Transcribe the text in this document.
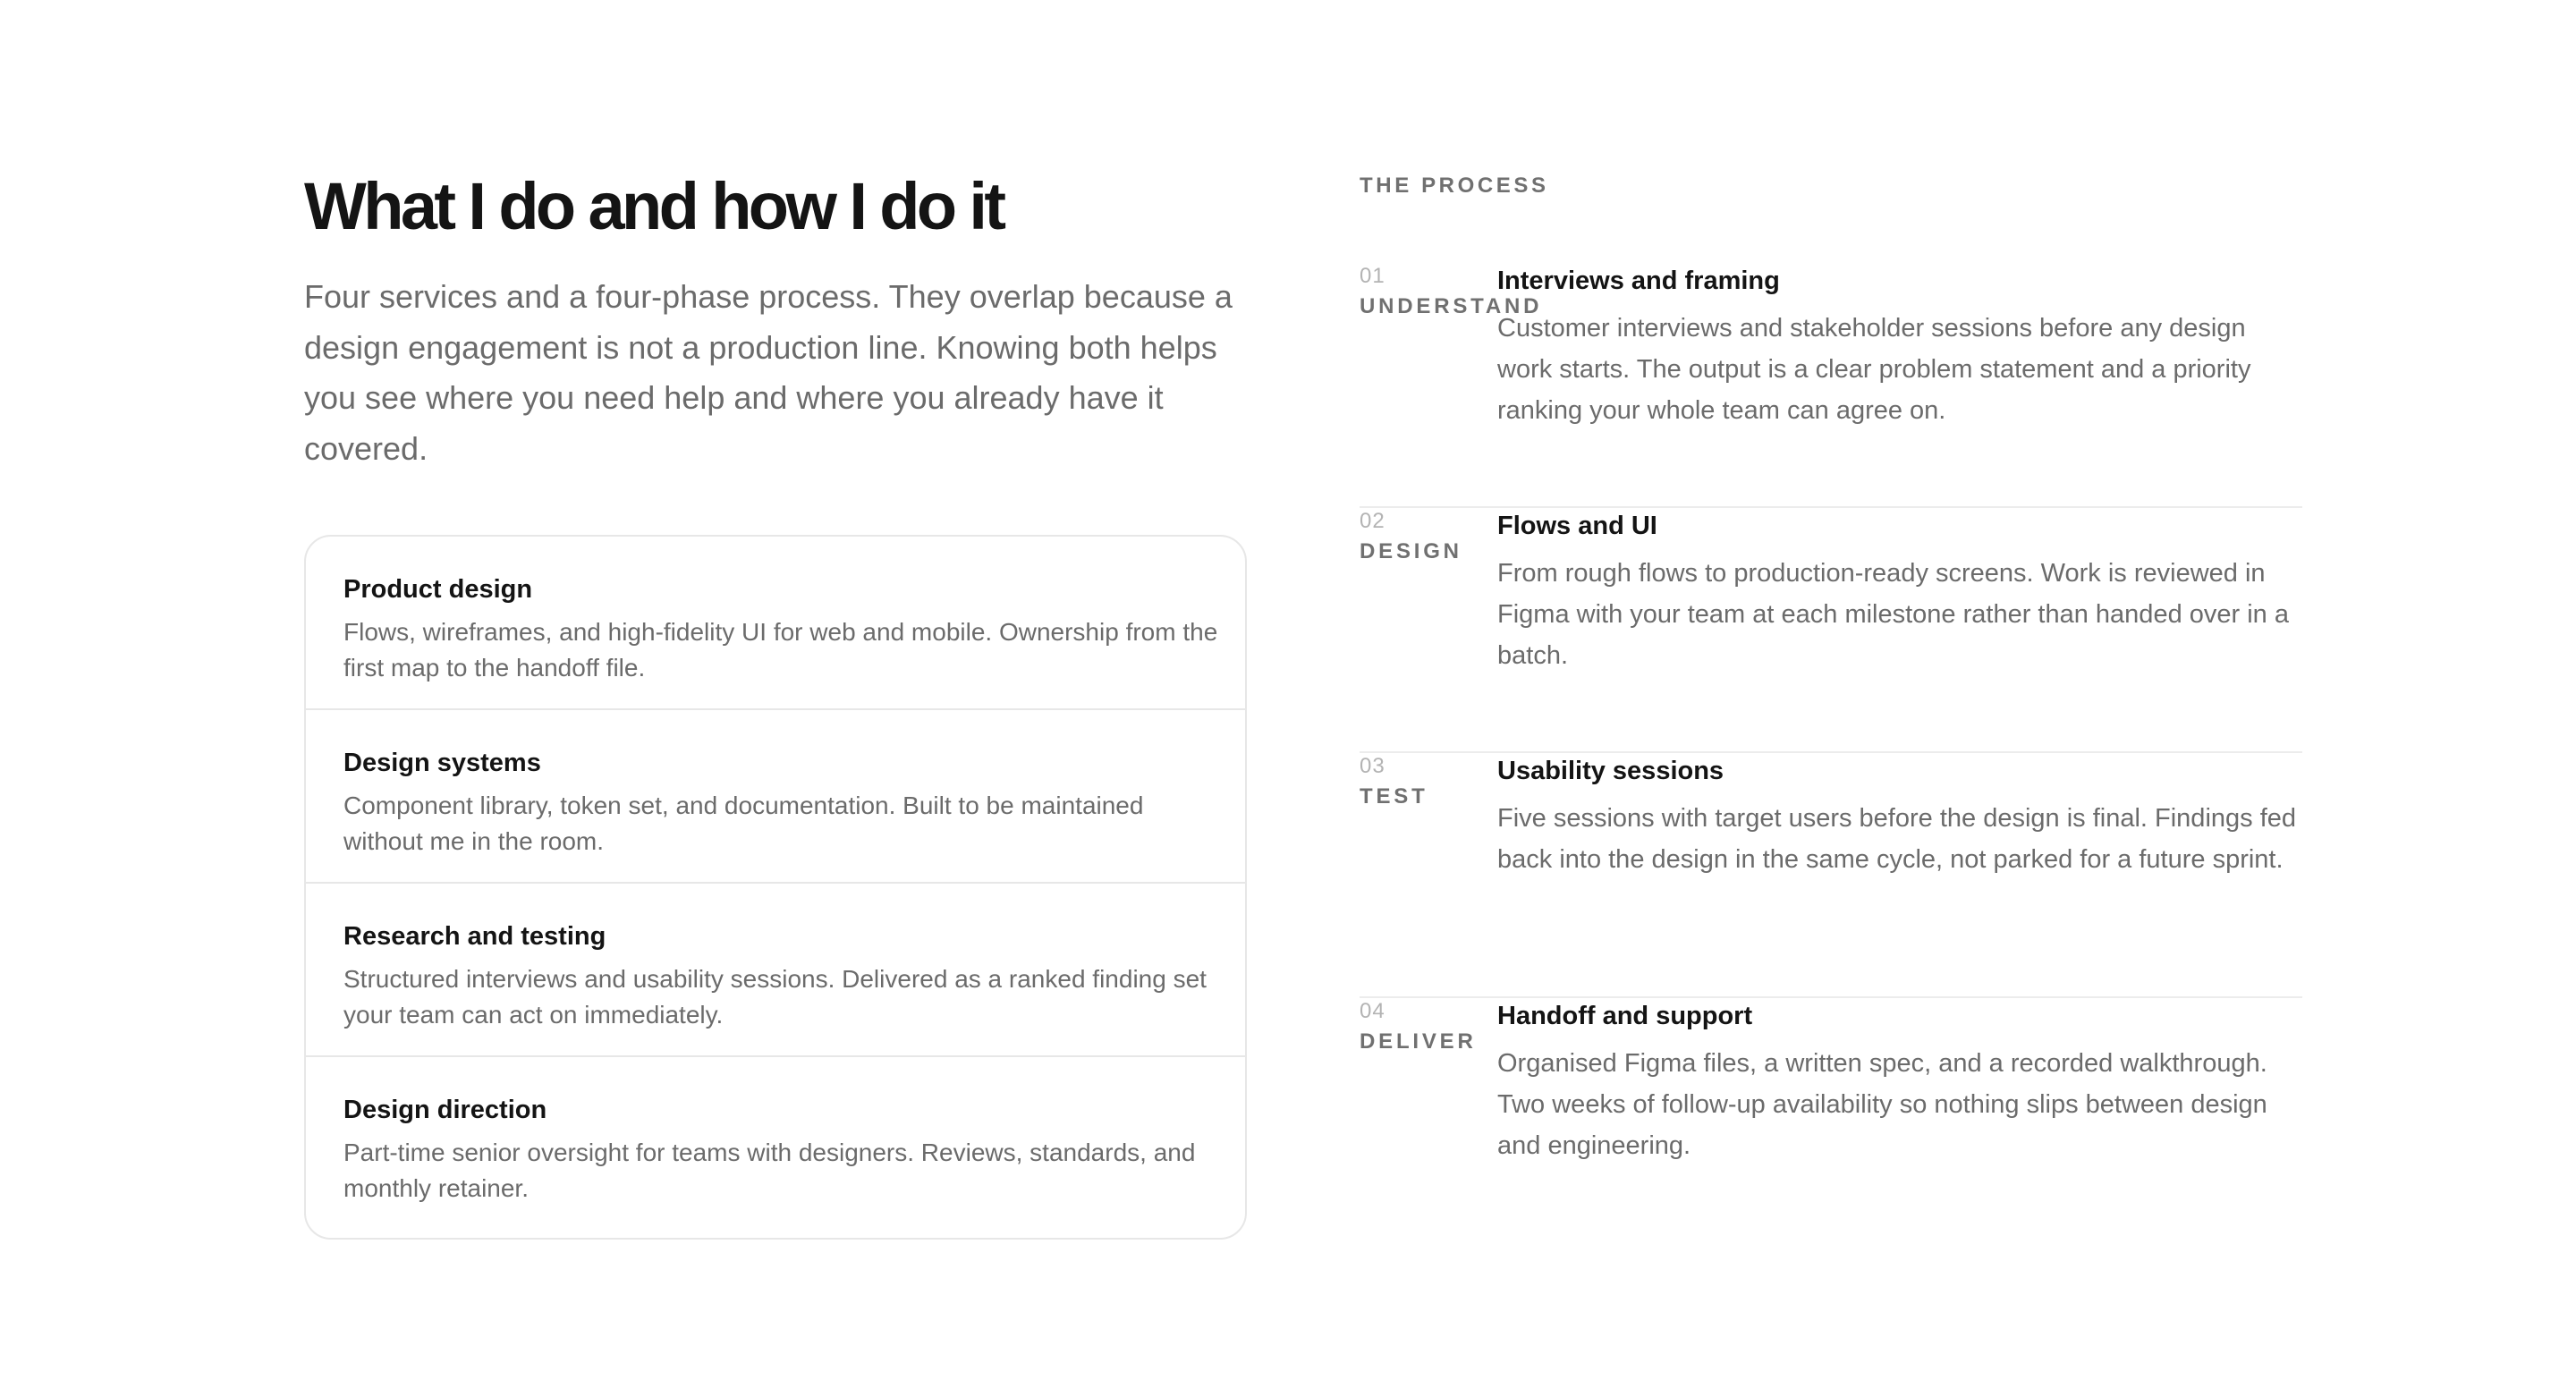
What I do and how I do it

Four services and a four-phase process. They overlap because a design engagement is not a production line. Knowing both helps you see where you need help and where you already have it covered.

Product design
Flows, wireframes, and high-fidelity UI for web and mobile. Ownership from the first map to the handoff file.
Design systems
Component library, token set, and documentation. Built to be maintained without me in the room.
Research and testing
Structured interviews and usability sessions. Delivered as a ranked finding set your team can act on immediately.
Design direction
Part-time senior oversight for teams with designers. Reviews, standards, and monthly retainer.
THE PROCESS
01
UNDERSTAND
Interviews and framing
Customer interviews and stakeholder sessions before any design work starts. The output is a clear problem statement and a priority ranking your whole team can agree on.
02
DESIGN
Flows and UI
From rough flows to production-ready screens. Work is reviewed in Figma with your team at each milestone rather than handed over in a batch.
03
TEST
Usability sessions
Five sessions with target users before the design is final. Findings fed back into the design in the same cycle, not parked for a future sprint.
04
DELIVER
Handoff and support
Organised Figma files, a written spec, and a recorded walkthrough. Two weeks of follow-up availability so nothing slips between design and engineering.
